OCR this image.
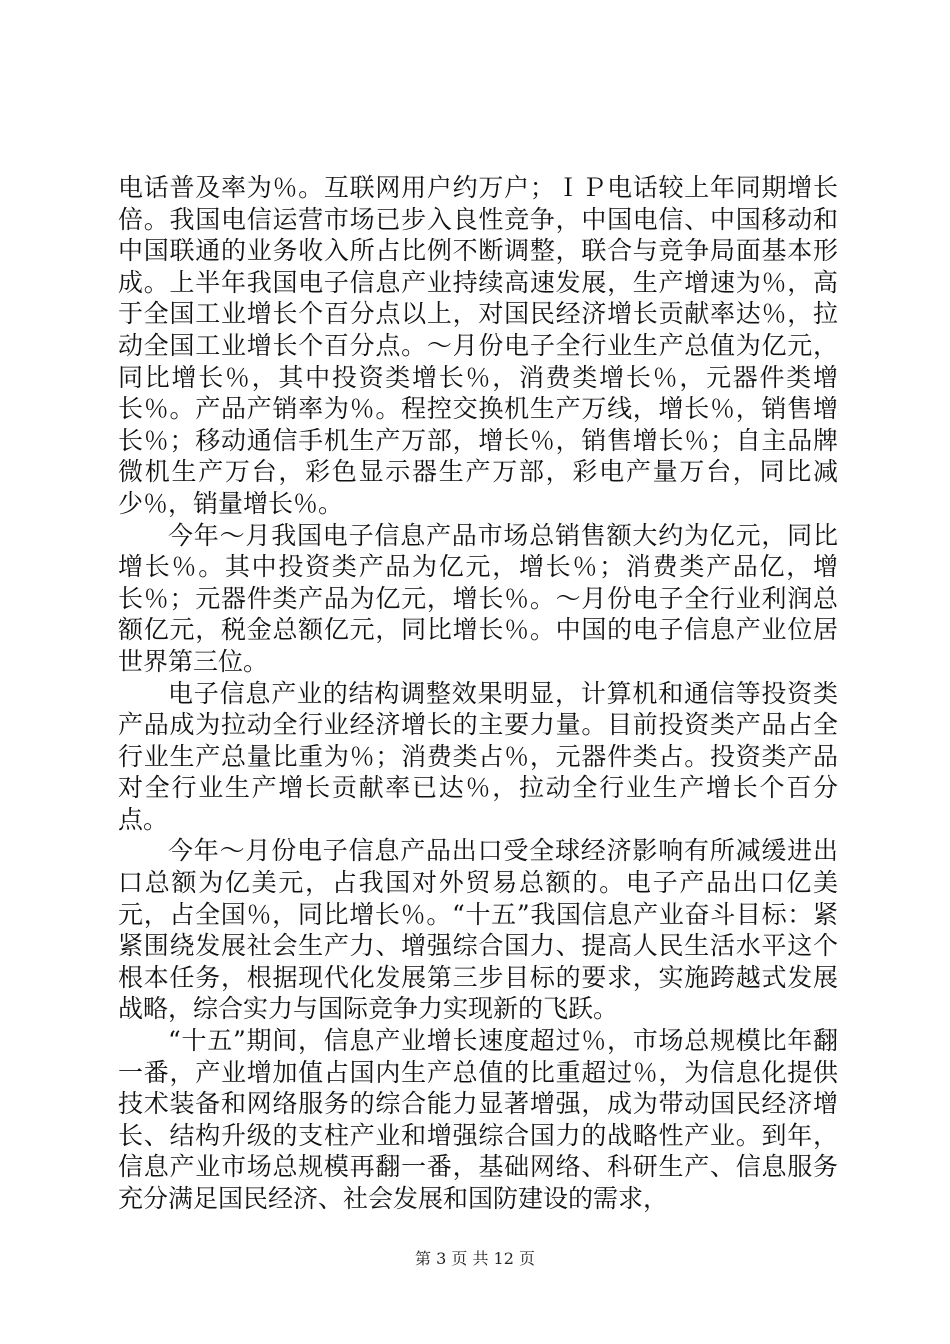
电话普及率为％。互联网用户约万户；ＩＰ电话较上年同期增长倍。我国电信运营市场已步入良性竞争，中国电信、中国移动和中国联通的业务收入所占比例不断调整，联合与竞争局面基本形成。上半年我国电子信息产业持续高速发展，生产增速为％，高于全国工业增长个百分点以上，对国民经济增长贡献率达％，拉动全国工业增长个百分点。～月份电子全行业生产总值为亿元，同比增长％，其中投资类增长％，消费类增长％，元器件类增长％。产品产销率为％。程控交换机生产万线，增长％，销售增长％；移动通信手机生产万部，增长％，销售增长％；自主品牌微机生产万台，彩色显示器生产万部，彩电产量万台，同比减少％，销量增长％。

今年～月我国电子信息产品市场总销售额大约为亿元，同比增长％。其中投资类产品为亿元，增长％；消费类产品亿，增长％；元器件类产品为亿元，增长％。～月份电子全行业利润总额亿元，税金总额亿元，同比增长％。中国的电子信息产业位居世界第三位。

电子信息产业的结构调整效果明显，计算机和通信等投资类产品成为拉动全行业经济增长的主要力量。目前投资类产品占全行业生产总量比重为％；消费类占％，元器件类占。投资类产品对全行业生产增长贡献率已达％，拉动全行业生产增长个百分点。

今年～月份电子信息产品出口受全球经济影响有所减缓进出口总额为亿美元，占我国对外贸易总额的。电子产品出口亿美元，占全国％，同比增长％。“十五”我国信息产业奋斗目标：紧紧围绕发展社会生产力、增强综合国力、提高人民生活水平这个根本任务，根据现代化发展第三步目标的要求，实施跨越式发展战略，综合实力与国际竞争力实现新的飞跃。

“十五”期间，信息产业增长速度超过％，市场总规模比年翻一番，产业增加值占国内生产总值的比重超过％，为信息化提供技术装备和网络服务的综合能力显著增强，成为带动国民经济增长、结构升级的支柱产业和增强综合国力的战略性产业。到年，信息产业市场总规模再翻一番，基础网络、科研生产、信息服务充分满足国民经济、社会发展和国防建设的需求，

第 3 页 共 12 页
